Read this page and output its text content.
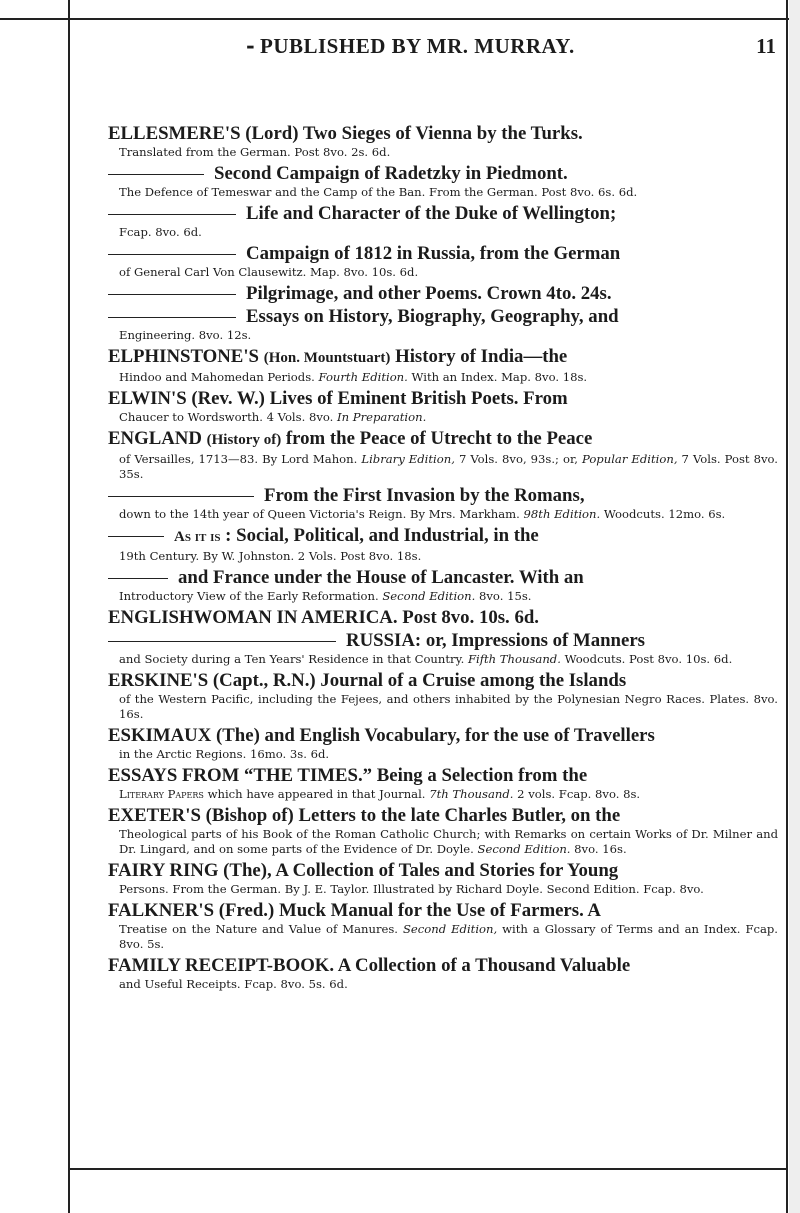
- PUBLISHED BY MR. MURRAY.	11

ELLESMERE'S (Lord) Two Sieges of Vienna by the Turks.

Translated from the German. Post 8vo. 2s. 6d.

Second Campaign of Radetzky in Piedmont.

The Defence of Temeswar and the Camp of the Ban. From the German. Post 8vo. 6s. 6d.

Life and Character of the Duke of Wellington;

Fcap. 8vo. 6d.

Campaign of 1812 in Russia, from the German

of General Carl Von Clausewitz. Map. 8vo. 10s. 6d.

Pilgrimage, and other Poems. Crown 4to. 24s.

Essays on History, Biography, Geography, and

Engineering. 8vo. 12s.

ELPHINSTONE'S (Hon. Mountstuart) History of India—the

Hindoo and Mahomedan Periods. Fourth Edition. With an Index. Map. 8vo. 18s.

ELWIN'S (Rev. W.) Lives of Eminent British Poets. From

Chaucer to Wordsworth. 4 Vols. 8vo. In Preparation.

ENGLAND (History of) from the Peace of Utrecht to the Peace

of Versailles, 1713—83. By Lord Mahon. Library Edition, 7 Vols. 8vo, 93s.; or, Popular Edition, 7 Vols. Post 8vo. 35s.

From the First Invasion by the Romans,

down to the 14th year of Queen Victoria's Reign. By Mrs. Markham. 98th Edition. Woodcuts. 12mo. 6s.

As it is : Social, Political, and Industrial, in the

19th Century. By W. Johnston. 2 Vols. Post 8vo. 18s.

and France under the House of Lancaster. With an

Introductory View of the Early Reformation. Second Edition. 8vo. 15s.

ENGLISHWOMAN IN AMERICA. Post 8vo. 10s. 6d.

RUSSIA: or, Impressions of Manners

and Society during a Ten Years' Residence in that Country. Fifth Thousand. Woodcuts. Post 8vo. 10s. 6d.

ERSKINE'S (Capt., R.N.) Journal of a Cruise among the Islands

of the Western Pacific, including the Fejees, and others inhabited by the Polynesian Negro Races. Plates. 8vo. 16s.

ESKIMAUX (The) and English Vocabulary, for the use of Travellers

in the Arctic Regions. 16mo. 3s. 6d.

ESSAYS FROM “THE TIMES.” Being a Selection from the

Literary Papers which have appeared in that Journal. 7th Thousand. 2 vols. Fcap. 8vo. 8s.

EXETER'S (Bishop of) Letters to the late Charles Butler, on the

Theological parts of his Book of the Roman Catholic Church; with Remarks on certain Works of Dr. Milner and Dr. Lingard, and on some parts of the Evidence of Dr. Doyle. Second Edition. 8vo. 16s.

FAIRY RING (The), A Collection of Tales and Stories for Young

Persons. From the German. By J. E. Taylor. Illustrated by Richard Doyle. Second Edition. Fcap. 8vo.

FALKNER'S (Fred.) Muck Manual for the Use of Farmers. A

Treatise on the Nature and Value of Manures. Second Edition, with a Glossary of Terms and an Index. Fcap. 8vo. 5s.

FAMILY RECEIPT-BOOK. A Collection of a Thousand Valuable

and Useful Receipts. Fcap. 8vo. 5s. 6d.
